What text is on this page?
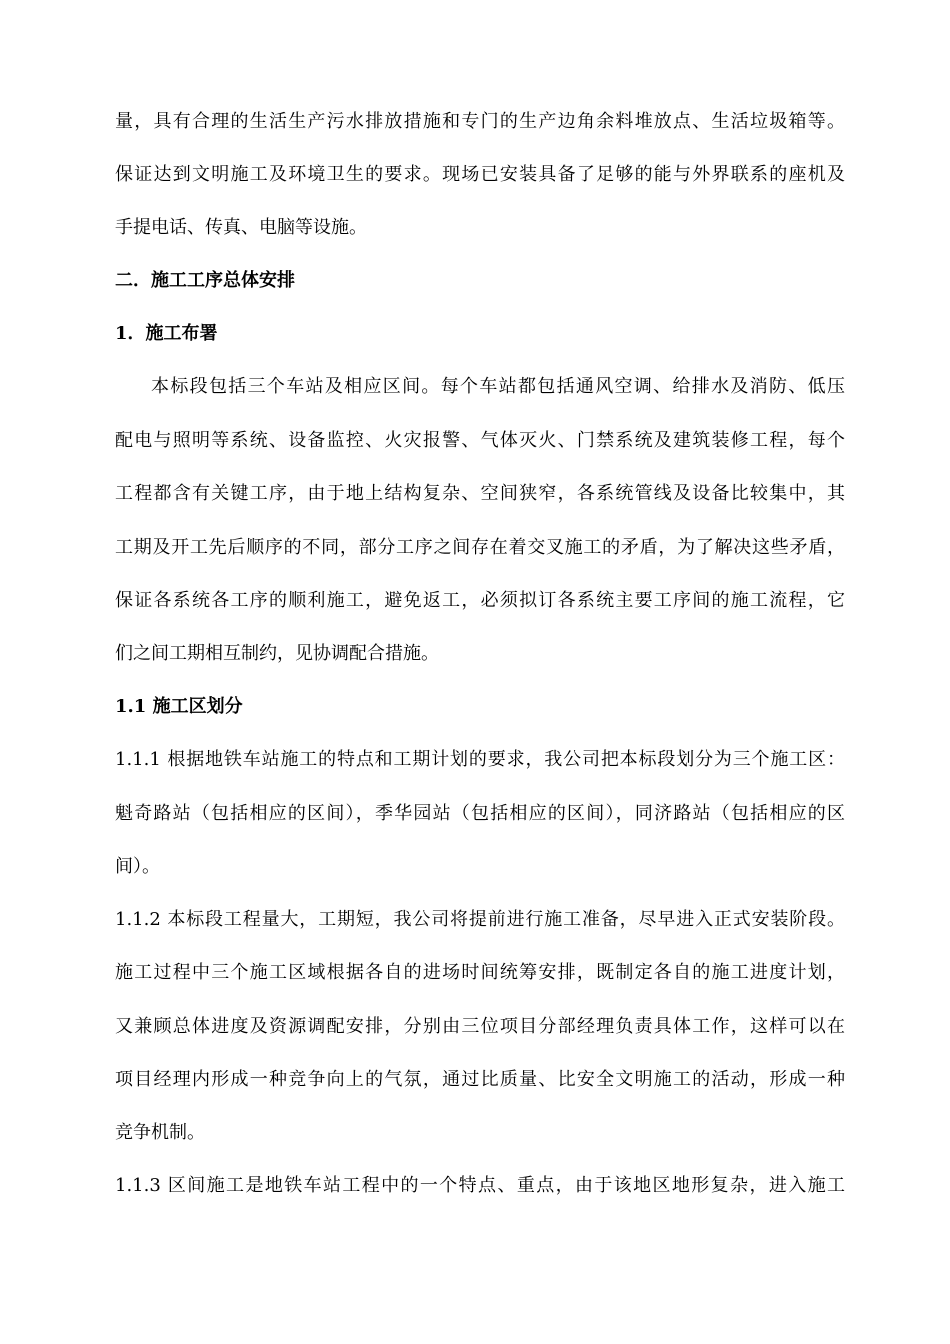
量，具有合理的生活生产污水排放措施和专门的生产边角余料堆放点、生活垃圾箱等。
保证达到文明施工及环境卫生的要求。现场已安装具备了足够的能与外界联系的座机及
手提电话、传真、电脑等设施。
二．施工工序总体安排
1．施工布署
本标段包括三个车站及相应区间。每个车站都包括通风空调、给排水及消防、低压
配电与照明等系统、设备监控、火灾报警、气体灭火、门禁系统及建筑装修工程，每个
工程都含有关键工序，由于地上结构复杂、空间狭窄，各系统管线及设备比较集中，其
工期及开工先后顺序的不同，部分工序之间存在着交叉施工的矛盾，为了解决这些矛盾，
保证各系统各工序的顺利施工，避免返工，必须拟订各系统主要工序间的施工流程，它
们之间工期相互制约，见协调配合措施。
1.1 施工区划分
1.1.1 根据地铁车站施工的特点和工期计划的要求，我公司把本标段划分为三个施工区：
魁奇路站（包括相应的区间），季华园站（包括相应的区间），同济路站（包括相应的区
间）。
1.1.2 本标段工程量大，工期短，我公司将提前进行施工准备，尽早进入正式安装阶段。
施工过程中三个施工区域根据各自的进场时间统筹安排，既制定各自的施工进度计划，
又兼顾总体进度及资源调配安排，分别由三位项目分部经理负责具体工作，这样可以在
项目经理内形成一种竞争向上的气氛，通过比质量、比安全文明施工的活动，形成一种
竞争机制。
1.1.3 区间施工是地铁车站工程中的一个特点、重点，由于该地区地形复杂，进入施工
